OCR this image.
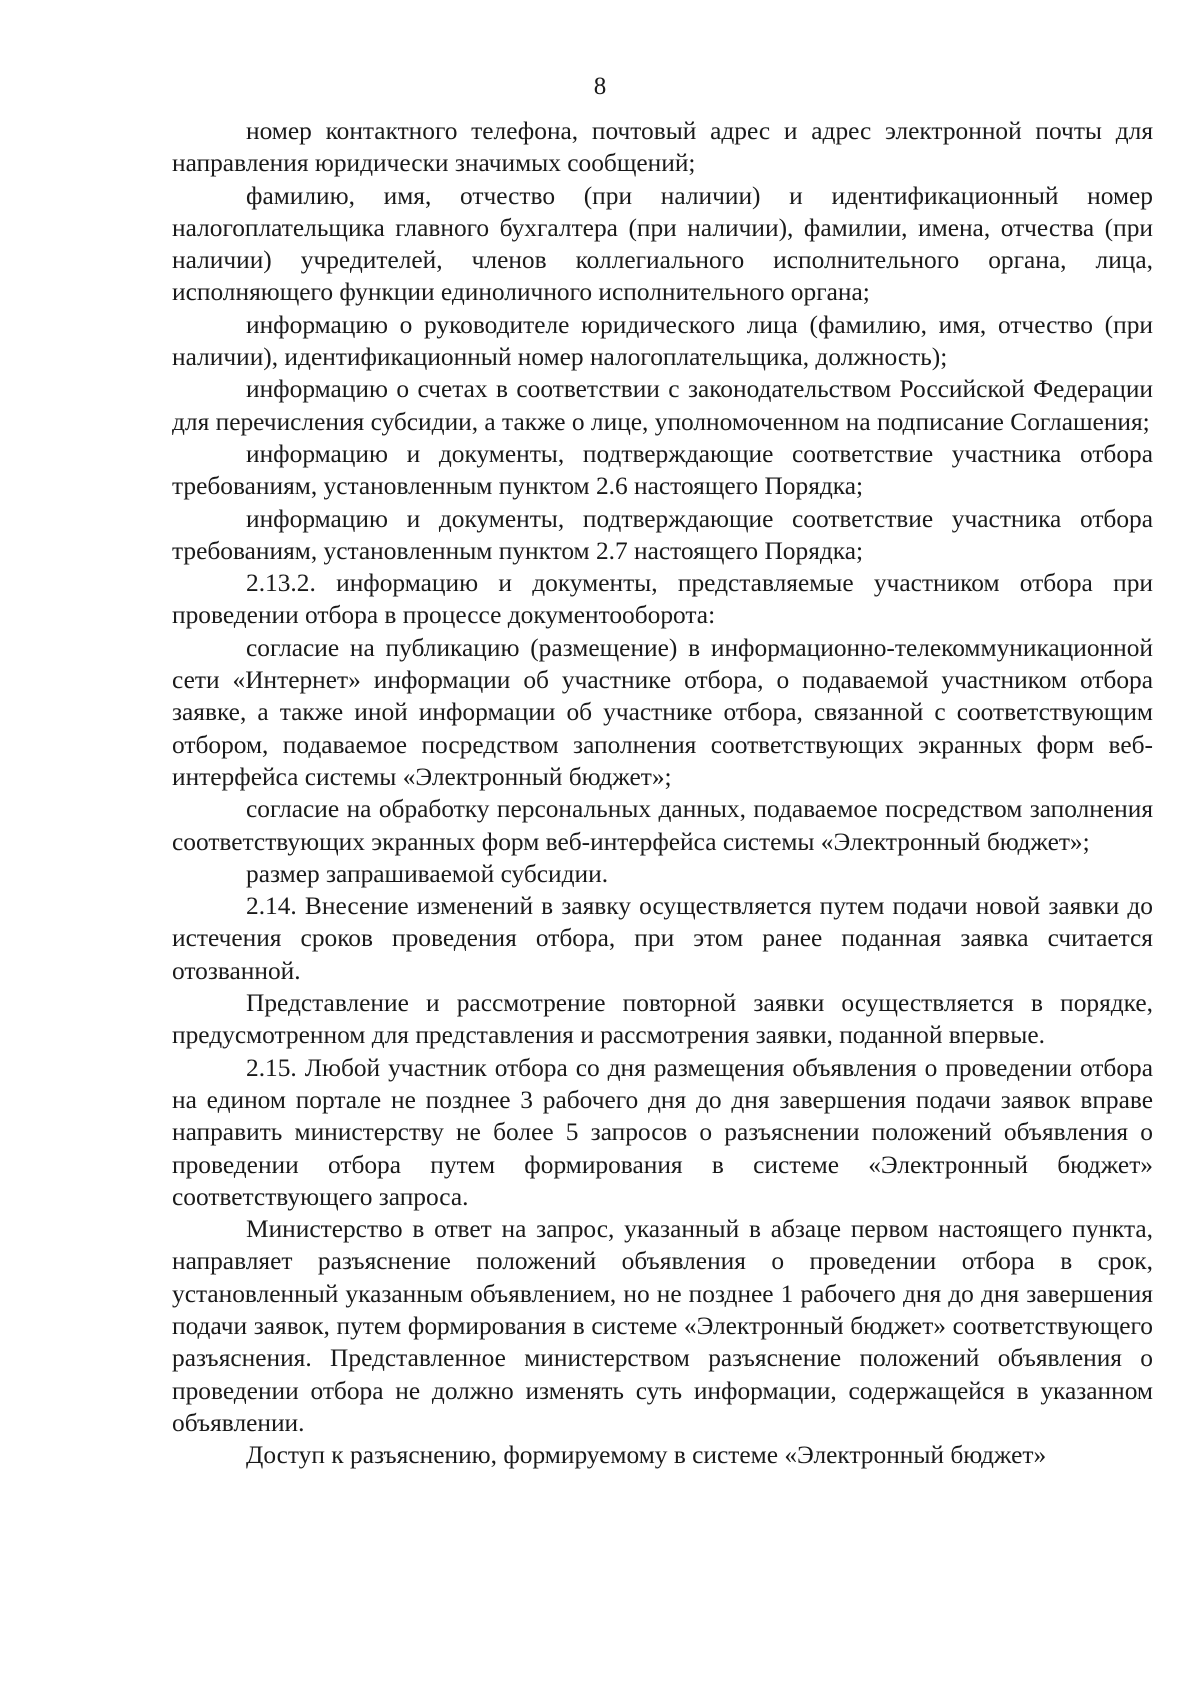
8

номер контактного телефона, почтовый адрес и адрес электронной почты для направления юридически значимых сообщений;

фамилию, имя, отчество (при наличии) и идентификационный номер налогоплательщика главного бухгалтера (при наличии), фамилии, имена, отчества (при наличии) учредителей, членов коллегиального исполнительного органа, лица, исполняющего функции единоличного исполнительного органа;

информацию о руководителе юридического лица (фамилию, имя, отчество (при наличии), идентификационный номер налогоплательщика, должность);

информацию о счетах в соответствии с законодательством Российской Федерации для перечисления субсидии, а также о лице, уполномоченном на подписание Соглашения;

информацию и документы, подтверждающие соответствие участника отбора требованиям, установленным пунктом 2.6 настоящего Порядка;

информацию и документы, подтверждающие соответствие участника отбора требованиям, установленным пунктом 2.7 настоящего Порядка;

2.13.2. информацию и документы, представляемые участником отбора при проведении отбора в процессе документооборота:

согласие на публикацию (размещение) в информационно-телекоммуникационной сети «Интернет» информации об участнике отбора, о подаваемой участником отбора заявке, а также иной информации об участнике отбора, связанной с соответствующим отбором, подаваемое посредством заполнения соответствующих экранных форм веб-интерфейса системы «Электронный бюджет»;

согласие на обработку персональных данных, подаваемое посредством заполнения соответствующих экранных форм веб-интерфейса системы «Электронный бюджет»;

размер запрашиваемой субсидии.

2.14. Внесение изменений в заявку осуществляется путем подачи новой заявки до истечения сроков проведения отбора, при этом ранее поданная заявка считается отозванной.

Представление и рассмотрение повторной заявки осуществляется в порядке, предусмотренном для представления и рассмотрения заявки, поданной впервые.

2.15. Любой участник отбора со дня размещения объявления о проведении отбора на едином портале не позднее 3 рабочего дня до дня завершения подачи заявок вправе направить министерству не более 5 запросов о разъяснении положений объявления о проведении отбора путем формирования в системе «Электронный бюджет» соответствующего запроса.

Министерство в ответ на запрос, указанный в абзаце первом настоящего пункта, направляет разъяснение положений объявления о проведении отбора в срок, установленный указанным объявлением, но не позднее 1 рабочего дня до дня завершения подачи заявок, путем формирования в системе «Электронный бюджет» соответствующего разъяснения. Представленное министерством разъяснение положений объявления о проведении отбора не должно изменять суть информации, содержащейся в указанном объявлении.

Доступ к разъяснению, формируемому в системе «Электронный бюджет»
